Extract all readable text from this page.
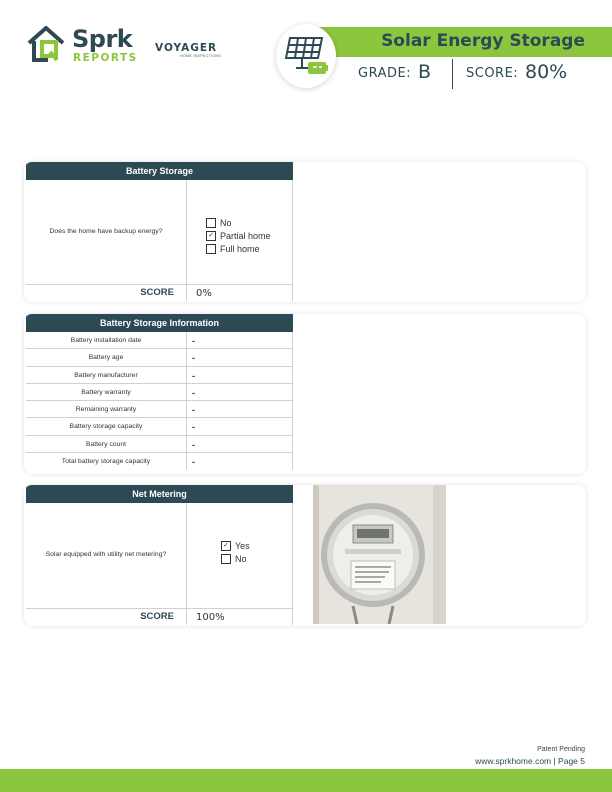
Sprk
REPORTS
VOYAGER
HOME INSPECTIONS
Solar Energy Storage
GRADE: B	SCORE: 80%
Battery Storage
Does the home have backup energy?
No
✓ Partial home
Full home
SCORE	0%
Battery Storage Information
Battery installation date	-
Battery age	-
Battery manufacturer	-
Battery warranty	-
Remaining warranty	-
Battery storage capacity	-
Battery count	-
Total battery storage capacity	-
Net Metering
Solar equipped with utility net metering?
✓ Yes
No
SCORE	100%
Patent Pending
www.sprkhome.com | Page 5
